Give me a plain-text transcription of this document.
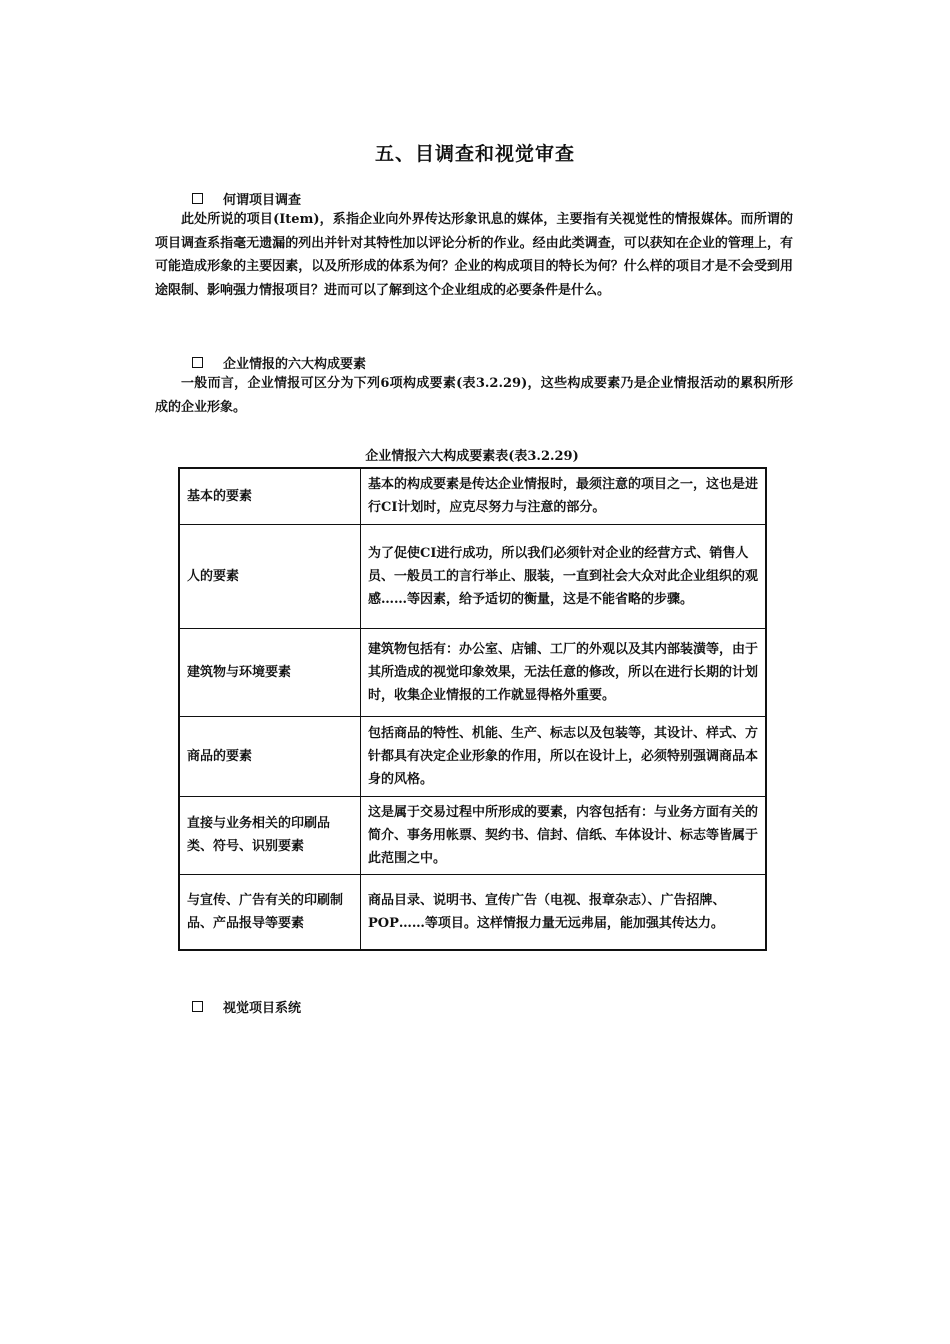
五、目调查和视觉审查
何谓项目调查
此处所说的项目(Item)，系指企业向外界传达形象讯息的媒体，主要指有关视觉性的情报媒体。而所谓的项目调查系指毫无遗漏的列出并针对其特性加以评论分析的作业。经由此类调查，可以获知在企业的管理上，有可能造成形象的主要因素，以及所形成的体系为何？企业的构成项目的特长为何？什么样的项目才是不会受到用途限制、影响强力情报项目？进而可以了解到这个企业组成的必要条件是什么。
企业情报的六大构成要素
一般而言，企业情报可区分为下列6项构成要素(表3.2.29)，这些构成要素乃是企业情报活动的累积所形成的企业形象。
企业情报六大构成要素表(表3.2.29)
基本的要素	基本的构成要素是传达企业情报时，最须注意的项目之一，这也是进行CI计划时，应克尽努力与注意的部分。
人的要素	为了促使CI进行成功，所以我们必须针对企业的经营方式、销售人员、一般员工的言行举止、服装，一直到社会大众对此企业组织的观感……等因素，给予适切的衡量，这是不能省略的步骤。
建筑物与环境要素	建筑物包括有：办公室、店铺、工厂的外观以及其内部装潢等，由于其所造成的视觉印象效果，无法任意的修改，所以在进行长期的计划时，收集企业情报的工作就显得格外重要。
商品的要素	包括商品的特性、机能、生产、标志以及包装等，其设计、样式、方针都具有决定企业形象的作用，所以在设计上，必须特别强调商品本身的风格。
直接与业务相关的印刷品类、符号、识别要素	这是属于交易过程中所形成的要素，内容包括有：与业务方面有关的简介、事务用帐票、契约书、信封、信纸、车体设计、标志等皆属于此范围之中。
与宣传、广告有关的印刷制品、产品报导等要素	商品目录、说明书、宣传广告（电视、报章杂志）、广告招牌、POP……等项目。这样情报力量无远弗届，能加强其传达力。
视觉项目系统
